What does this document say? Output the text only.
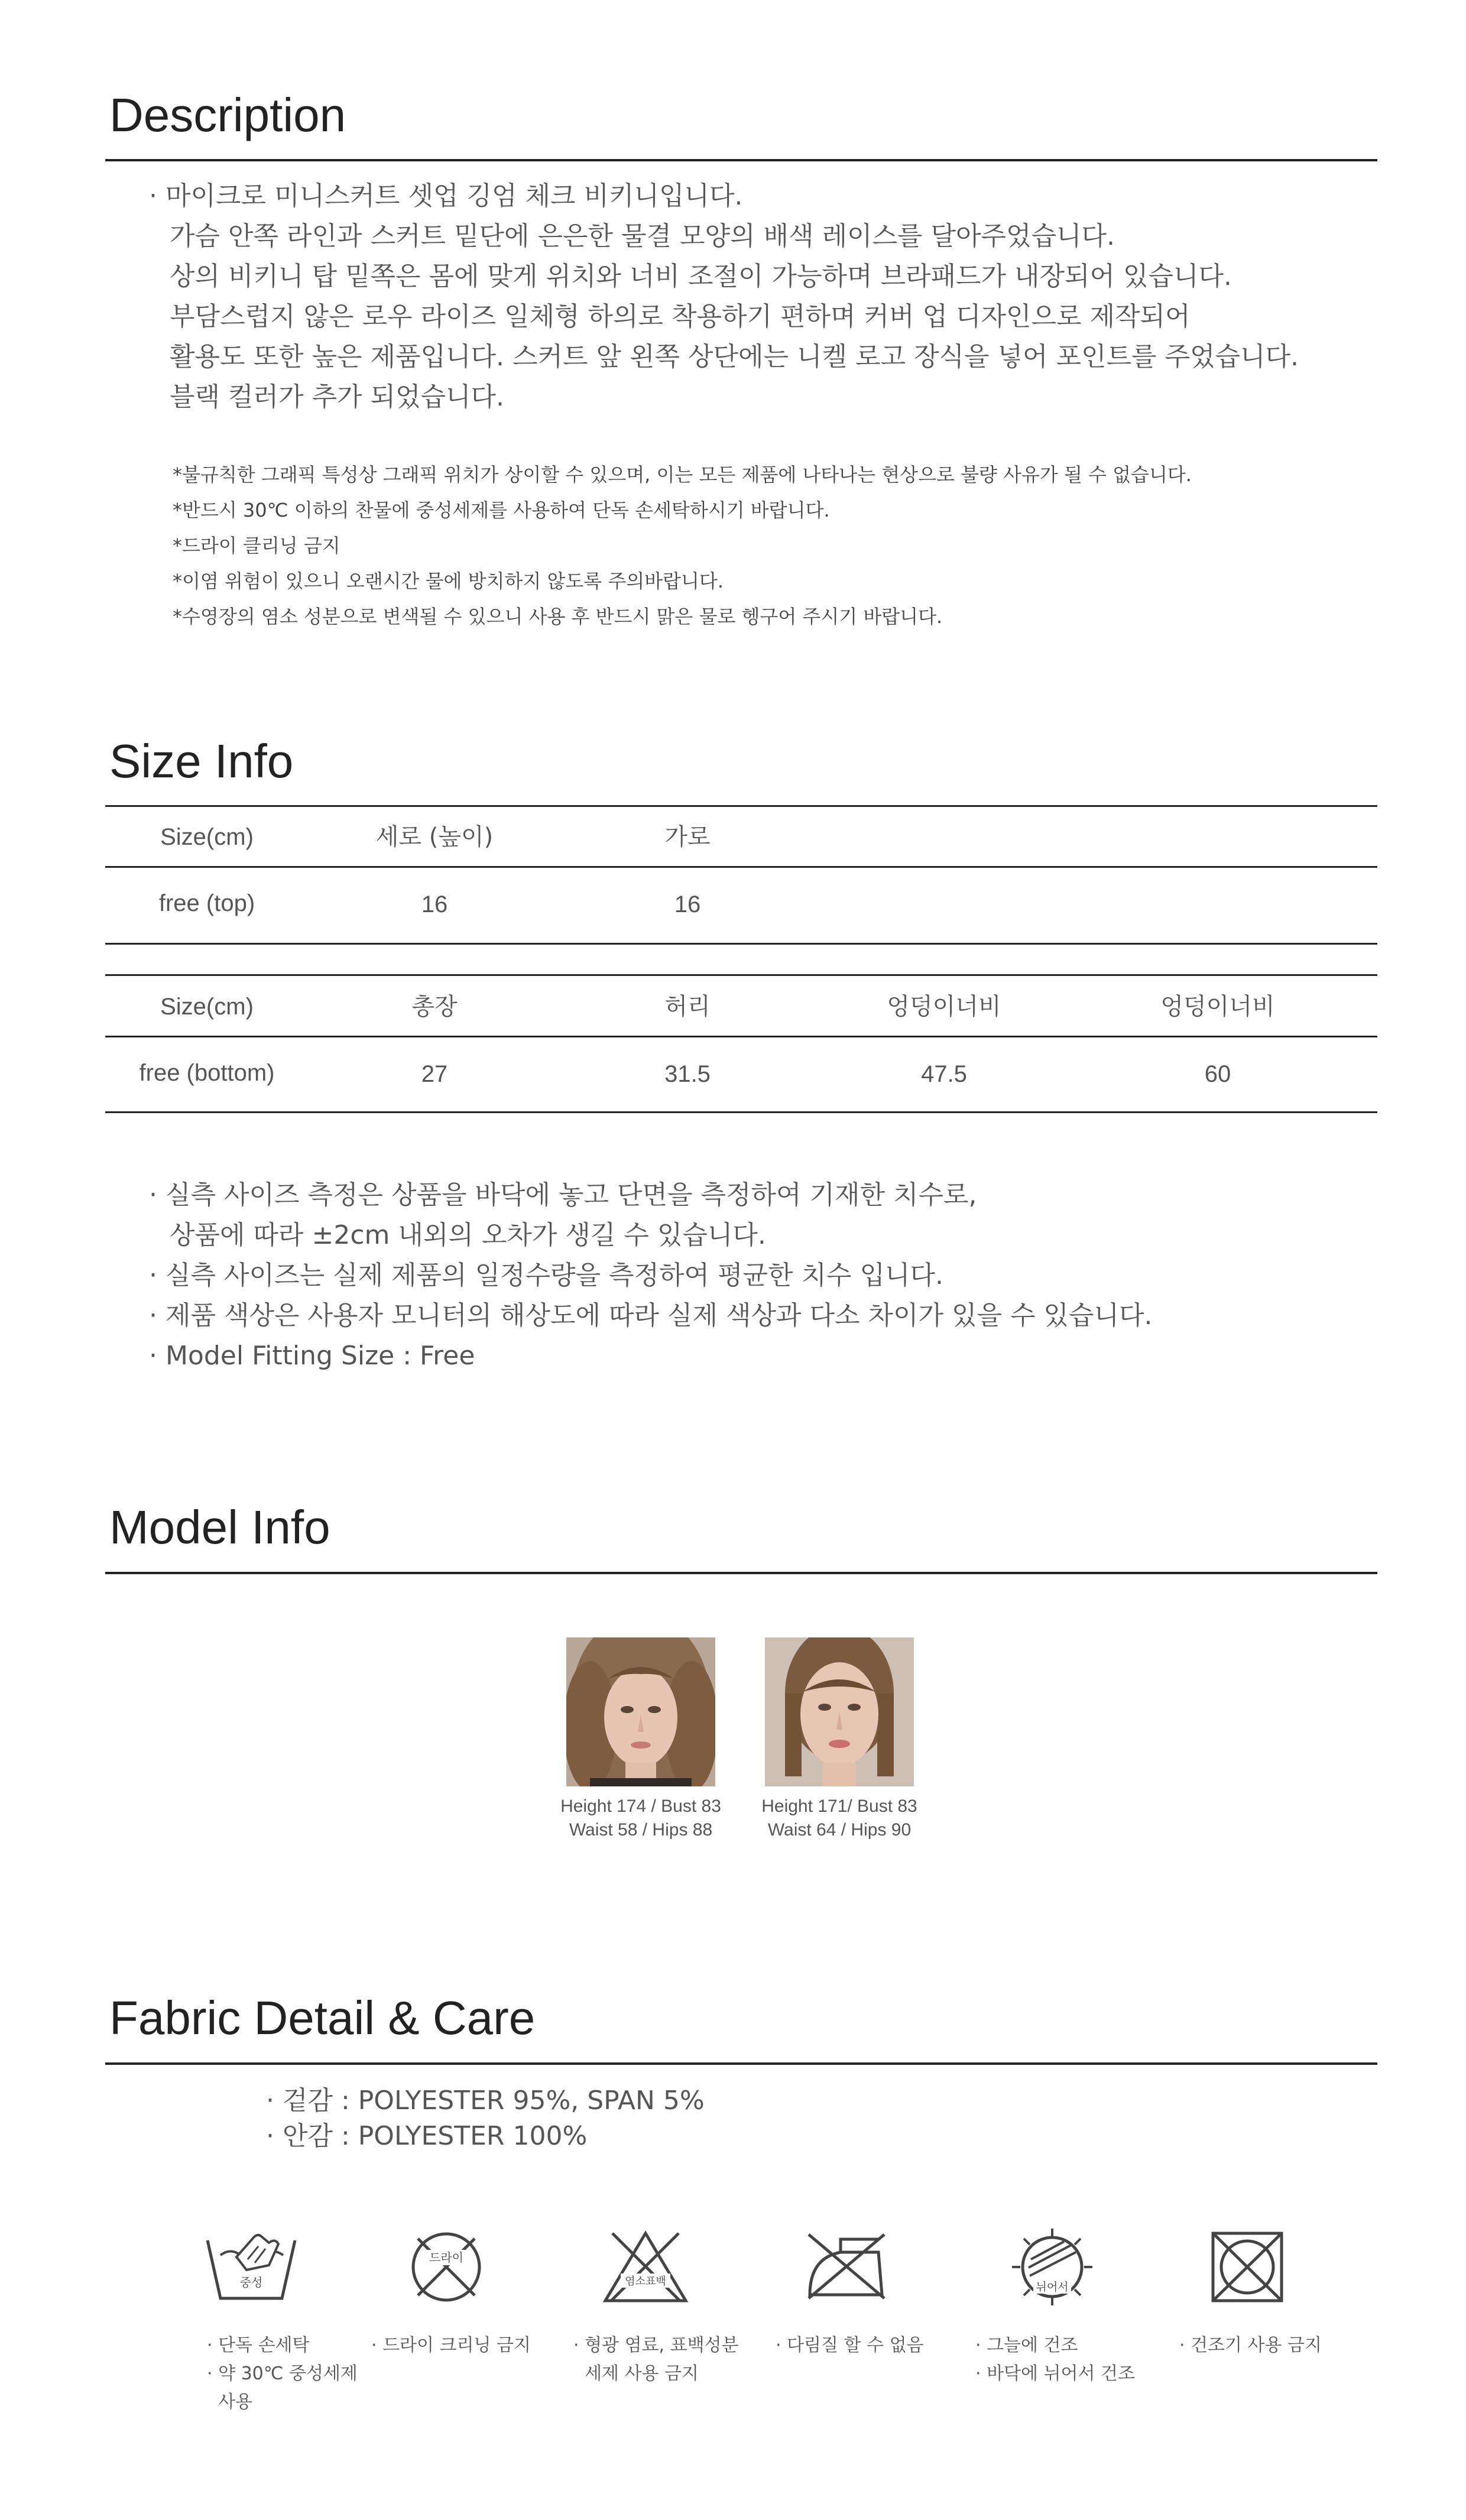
Description
· 마이크로 미니스커트 셋업 깅엄 체크 비키니입니다.
가슴 안쪽 라인과 스커트 밑단에 은은한 물결 모양의 배색 레이스를 달아주었습니다.
상의 비키니 탑 밑쪽은 몸에 맞게 위치와 너비 조절이 가능하며 브라패드가 내장되어 있습니다.
부담스럽지 않은 로우 라이즈 일체형 하의로 착용하기 편하며 커버 업 디자인으로 제작되어
활용도 또한 높은 제품입니다. 스커트 앞 왼쪽 상단에는 니켈 로고 장식을 넣어 포인트를 주었습니다.
블랙 컬러가 추가 되었습니다.
*불규칙한 그래픽 특성상 그래픽 위치가 상이할 수 있으며, 이는 모든 제품에 나타나는 현상으로 불량 사유가 될 수 없습니다.
*반드시 30℃ 이하의 찬물에 중성세제를 사용하여 단독 손세탁하시기 바랍니다.
*드라이 클리닝 금지
*이염 위험이 있으니 오랜시간 물에 방치하지 않도록 주의바랍니다.
*수영장의 염소 성분으로 변색될 수 있으니 사용 후 반드시 맑은 물로 헹구어 주시기 바랍니다.
Size Info
Size(cm)	세로 (높이)	가로
free (top)	16	16
Size(cm)	총장	허리	엉덩이너비	엉덩이너비
free (bottom)	27	31.5	47.5	60
· 실측 사이즈 측정은 상품을 바닥에 놓고 단면을 측정하여 기재한 치수로,
상품에 따라 ±2cm 내외의 오차가 생길 수 있습니다.
· 실측 사이즈는 실제 제품의 일정수량을 측정하여 평균한 치수 입니다.
· 제품 색상은 사용자 모니터의 해상도에 따라 실제 색상과 다소 차이가 있을 수 있습니다.
· Model Fitting Size : Free
Model Info
Height 174 / Bust 83
Waist 58 / Hips 88
Height 171/ Bust 83
Waist 64 / Hips 90
Fabric Detail & Care
· 겉감 : POLYESTER 95%, SPAN 5%
· 안감 : POLYESTER 100%
중성
· 단독 손세탁
· 약 30℃ 중성세제
사용
드라이
· 드라이 크리닝 금지
염소표백
· 형광 염료, 표백성분
세제 사용 금지
· 다림질 할 수 없음
뉘어서
· 그늘에 건조
· 바닥에 뉘어서 건조
· 건조기 사용 금지
